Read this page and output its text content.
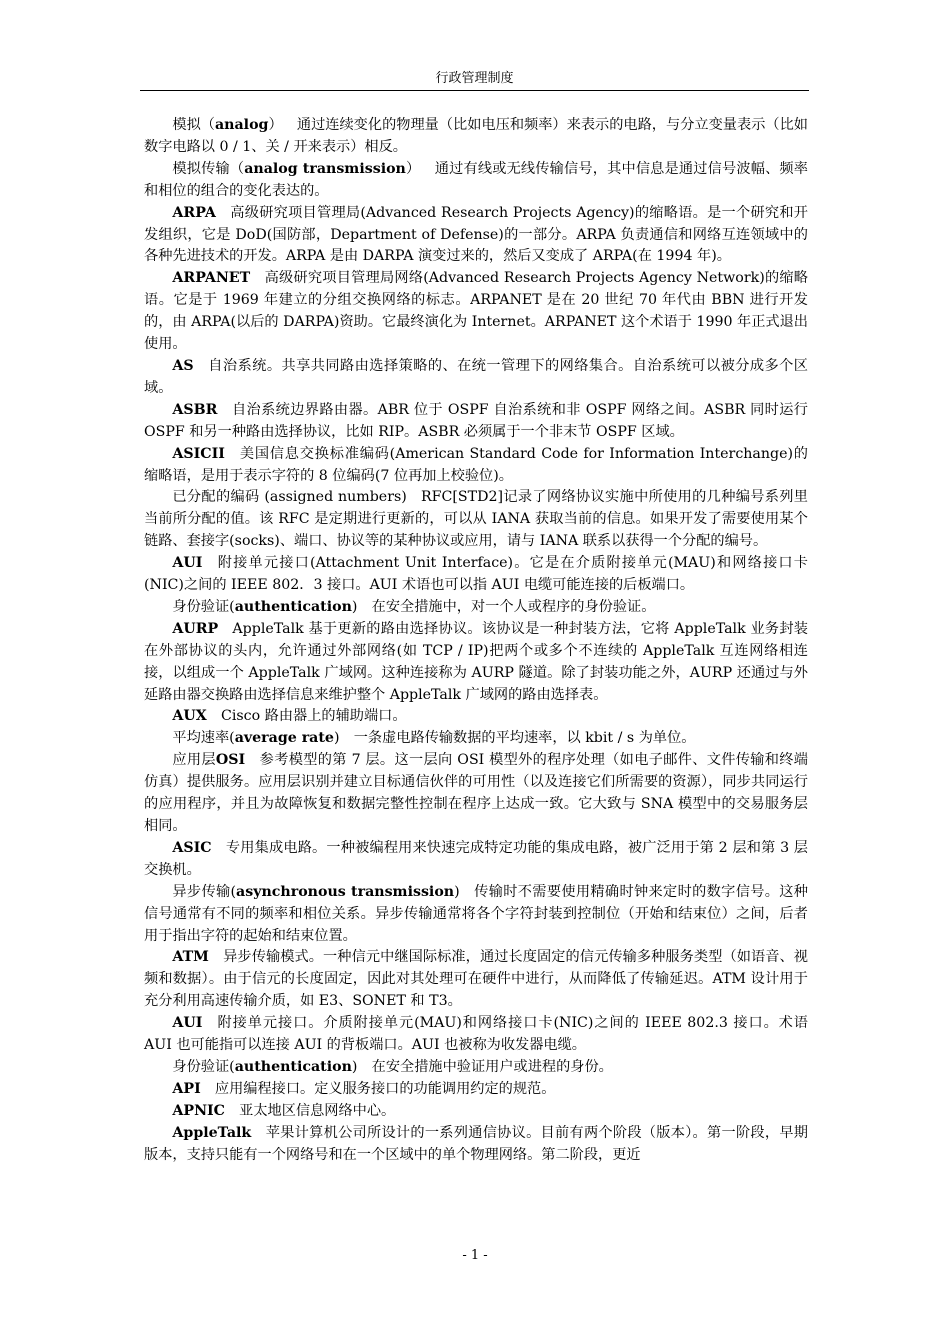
行政管理制度

模拟（analog） 通过连续变化的物理量（比如电压和频率）来表示的电路，与分立变量表示（比如数字电路以 0 / 1、关 / 开来表示）相反。

模拟传输（analog transmission） 通过有线或无线传输信号，其中信息是通过信号波幅、频率和相位的组合的变化表达的。

ARPA 高级研究项目管理局(Advanced Research Projects Agency)的缩略语。是一个研究和开发组织，它是 DoD(国防部，Department of Defense)的一部分。ARPA 负责通信和网络互连领域中的各种先进技术的开发。ARPA 是由 DARPA 演变过来的，然后又变成了 ARPA(在 1994 年)。

ARPANET 高级研究项目管理局网络(Advanced Research Projects Agency Network)的缩略语。它是于 1969 年建立的分组交换网络的标志。ARPANET 是在 20 世纪 70 年代由 BBN 进行开发的，由 ARPA(以后的 DARPA)资助。它最终演化为 Internet。ARPANET 这个术语于 1990 年正式退出使用。

AS 自治系统。共享共同路由选择策略的、在统一管理下的网络集合。自治系统可以被分成多个区域。

ASBR 自治系统边界路由器。ABR 位于 OSPF 自治系统和非 OSPF 网络之间。ASBR 同时运行 OSPF 和另一种路由选择协议，比如 RIP。ASBR 必须属于一个非末节 OSPF 区域。

ASICII 美国信息交换标准编码(American Standard Code for Information Interchange)的缩略语，是用于表示字符的 8 位编码(7 位再加上校验位)。

已分配的编码 (assigned numbers) RFC[STD2]记录了网络协议实施中所使用的几种编号系列里当前所分配的值。该 RFC 是定期进行更新的，可以从 IANA 获取当前的信息。如果开发了需要使用某个链路、套接字(socks)、端口、协议等的某种协议或应用，请与 IANA 联系以获得一个分配的编号。

AUI 附接单元接口(Attachment Unit Interface)。它是在介质附接单元(MAU)和网络接口卡(NIC)之间的 IEEE 802．3 接口。AUI 术语也可以指 AUI 电缆可能连接的后板端口。

身份验证(authentication) 在安全措施中，对一个人或程序的身份验证。

AURP AppleTalk 基于更新的路由选择协议。该协议是一种封装方法，它将 AppleTalk 业务封装在外部协议的头内，允许通过外部网络(如 TCP / IP)把两个或多个不连续的 AppleTalk 互连网络相连接，以组成一个 AppleTalk 广域网。这种连接称为 AURP 隧道。除了封装功能之外，AURP 还通过与外延路由器交换路由选择信息来维护整个 AppleTalk 广域网的路由选择表。

AUX Cisco 路由器上的辅助端口。

平均速率(average rate) 一条虚电路传输数据的平均速率，以 kbit / s 为单位。

应用层OSI 参考模型的第 7 层。这一层向 OSI 模型外的程序处理（如电子邮件、文件传输和终端仿真）提供服务。应用层识别并建立目标通信伙伴的可用性（以及连接它们所需要的资源），同步共同运行的应用程序，并且为故障恢复和数据完整性控制在程序上达成一致。它大致与 SNA 模型中的交易服务层相同。

ASIC 专用集成电路。一种被编程用来快速完成特定功能的集成电路，被广泛用于第 2 层和第 3 层交换机。

异步传输(asynchronous transmission) 传输时不需要使用精确时钟来定时的数字信号。这种信号通常有不同的频率和相位关系。异步传输通常将各个字符封装到控制位（开始和结束位）之间，后者用于指出字符的起始和结束位置。

ATM 异步传输模式。一种信元中继国际标准，通过长度固定的信元传输多种服务类型（如语音、视频和数据）。由于信元的长度固定，因此对其处理可在硬件中进行，从而降低了传输延迟。ATM 设计用于充分利用高速传输介质，如 E3、SONET 和 T3。

AUI 附接单元接口。介质附接单元(MAU)和网络接口卡(NIC)之间的 IEEE 802.3 接口。术语 AUI 也可能指可以连接 AUI 的背板端口。AUI 也被称为收发器电缆。

身份验证(authentication) 在安全措施中验证用户或进程的身份。

API 应用编程接口。定义服务接口的功能调用约定的规范。

APNIC 亚太地区信息网络中心。

AppleTalk 苹果计算机公司所设计的一系列通信协议。目前有两个阶段（版本）。第一阶段，早期版本，支持只能有一个网络号和在一个区域中的单个物理网络。第二阶段，更近

- 1 -
